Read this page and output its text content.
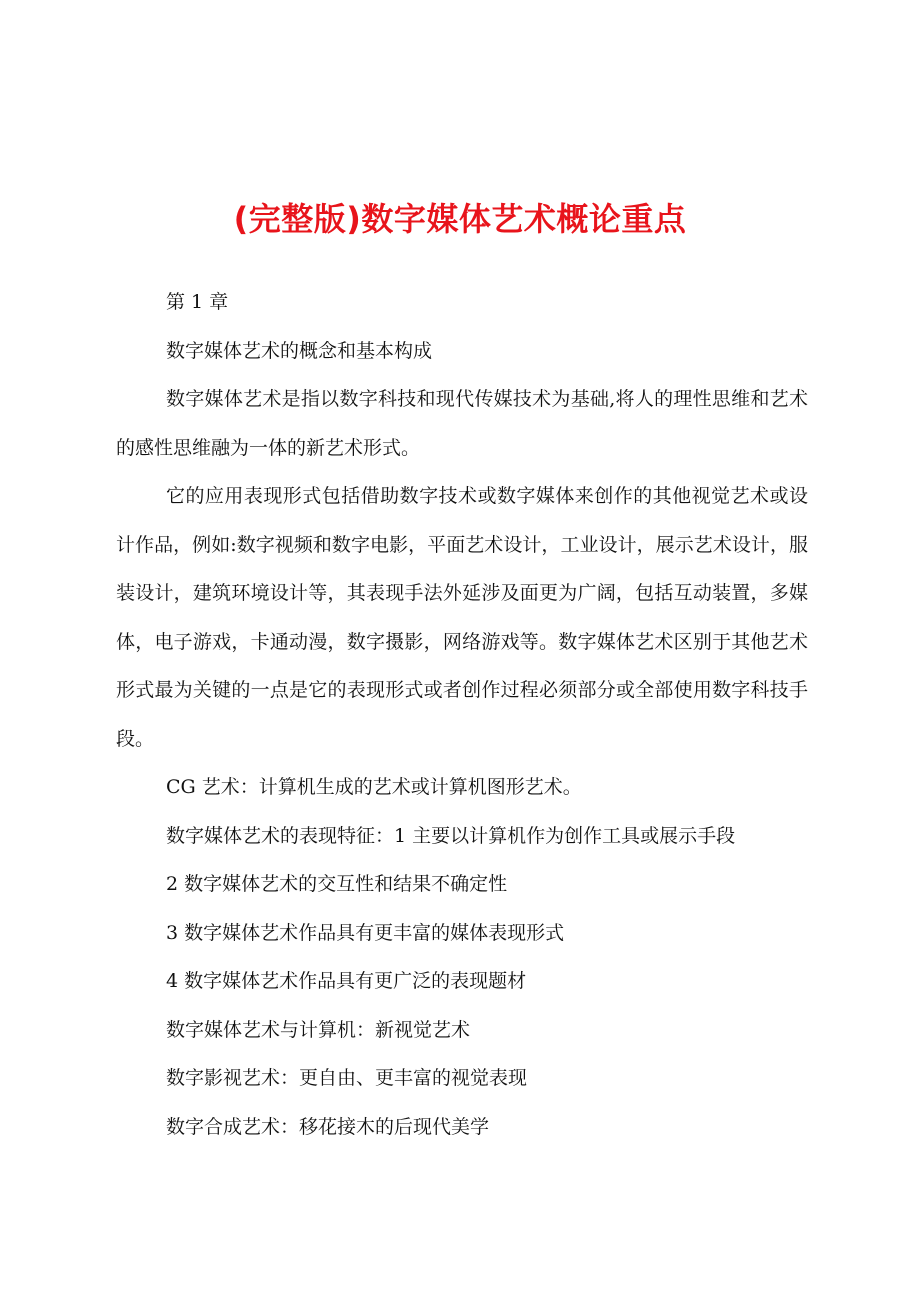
(完整版)数字媒体艺术概论重点

第 1 章

数字媒体艺术的概念和基本构成

数字媒体艺术是指以数字科技和现代传媒技术为基础,将人的理性思维和艺术的感性思维融为一体的新艺术形式。

它的应用表现形式包括借助数字技术或数字媒体来创作的其他视觉艺术或设计作品，例如:数字视频和数字电影，平面艺术设计，工业设计，展示艺术设计，服装设计，建筑环境设计等，其表现手法外延涉及面更为广阔，包括互动装置，多媒体，电子游戏，卡通动漫，数字摄影，网络游戏等。数字媒体艺术区别于其他艺术形式最为关键的一点是它的表现形式或者创作过程必须部分或全部使用数字科技手段。

CG 艺术：计算机生成的艺术或计算机图形艺术。

数字媒体艺术的表现特征：1 主要以计算机作为创作工具或展示手段

2 数字媒体艺术的交互性和结果不确定性

3 数字媒体艺术作品具有更丰富的媒体表现形式

4 数字媒体艺术作品具有更广泛的表现题材

数字媒体艺术与计算机：新视觉艺术

数字影视艺术：更自由、更丰富的视觉表现

数字合成艺术：移花接木的后现代美学
